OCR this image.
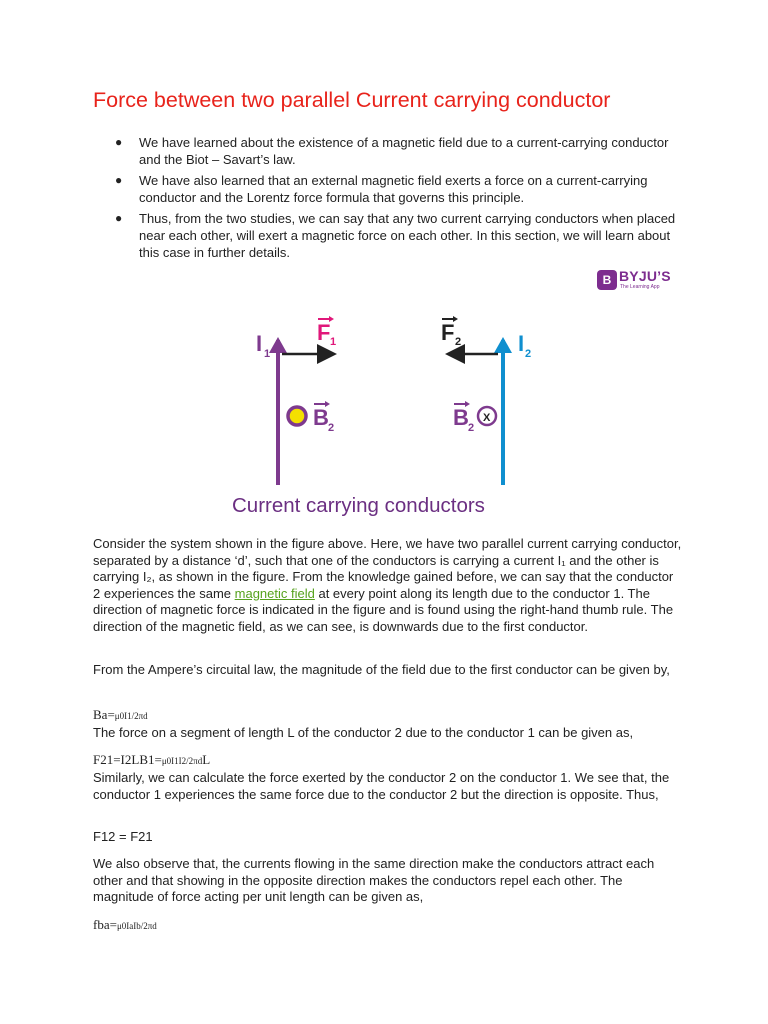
Force between two parallel Current carrying conductor
● We have learned about the existence of a magnetic field due to a current-carrying conductor and the Biot – Savart’s law.
● We have also learned that an external magnetic field exerts a force on a current-carrying conductor and the Lorentz force formula that governs this principle.
● Thus, from the two studies, we can say that any two current carrying conductors when placed near each other, will exert a magnetic force on each other. In this section, we will learn about this case in further details.
B BYJU’S
The Learning App
I 1	I 2
F 1	F 2
B 2	B 2
X
Current carrying conductors

Consider the system shown in the figure above. Here, we have two parallel current carrying conductor, separated by a distance ‘d’, such that one of the conductors is carrying a current I₁ and the other is carrying I₂, as shown in the figure. From the knowledge gained before, we can say that the conductor 2 experiences the same magnetic field at every point along its length due to the conductor 1. The direction of magnetic force is indicated in the figure and is found using the right-hand thumb rule. The direction of the magnetic field, as we can see, is downwards due to the first conductor.

From the Ampere’s circuital law, the magnitude of the field due to the first conductor can be given by,

Ba=μ0I1/2πd

The force on a segment of length L of the conductor 2 due to the conductor 1 can be given as,

F21=I2LB1=μ0I1I2/2πdL

Similarly, we can calculate the force exerted by the conductor 2 on the conductor 1. We see that, the conductor 1 experiences the same force due to the conductor 2 but the direction is opposite. Thus,

F12 = F21

We also observe that, the currents flowing in the same direction make the conductors attract each other and that showing in the opposite direction makes the conductors repel each other. The magnitude of force acting per unit length can be given as,

fba=μ0IaIb/2πd
